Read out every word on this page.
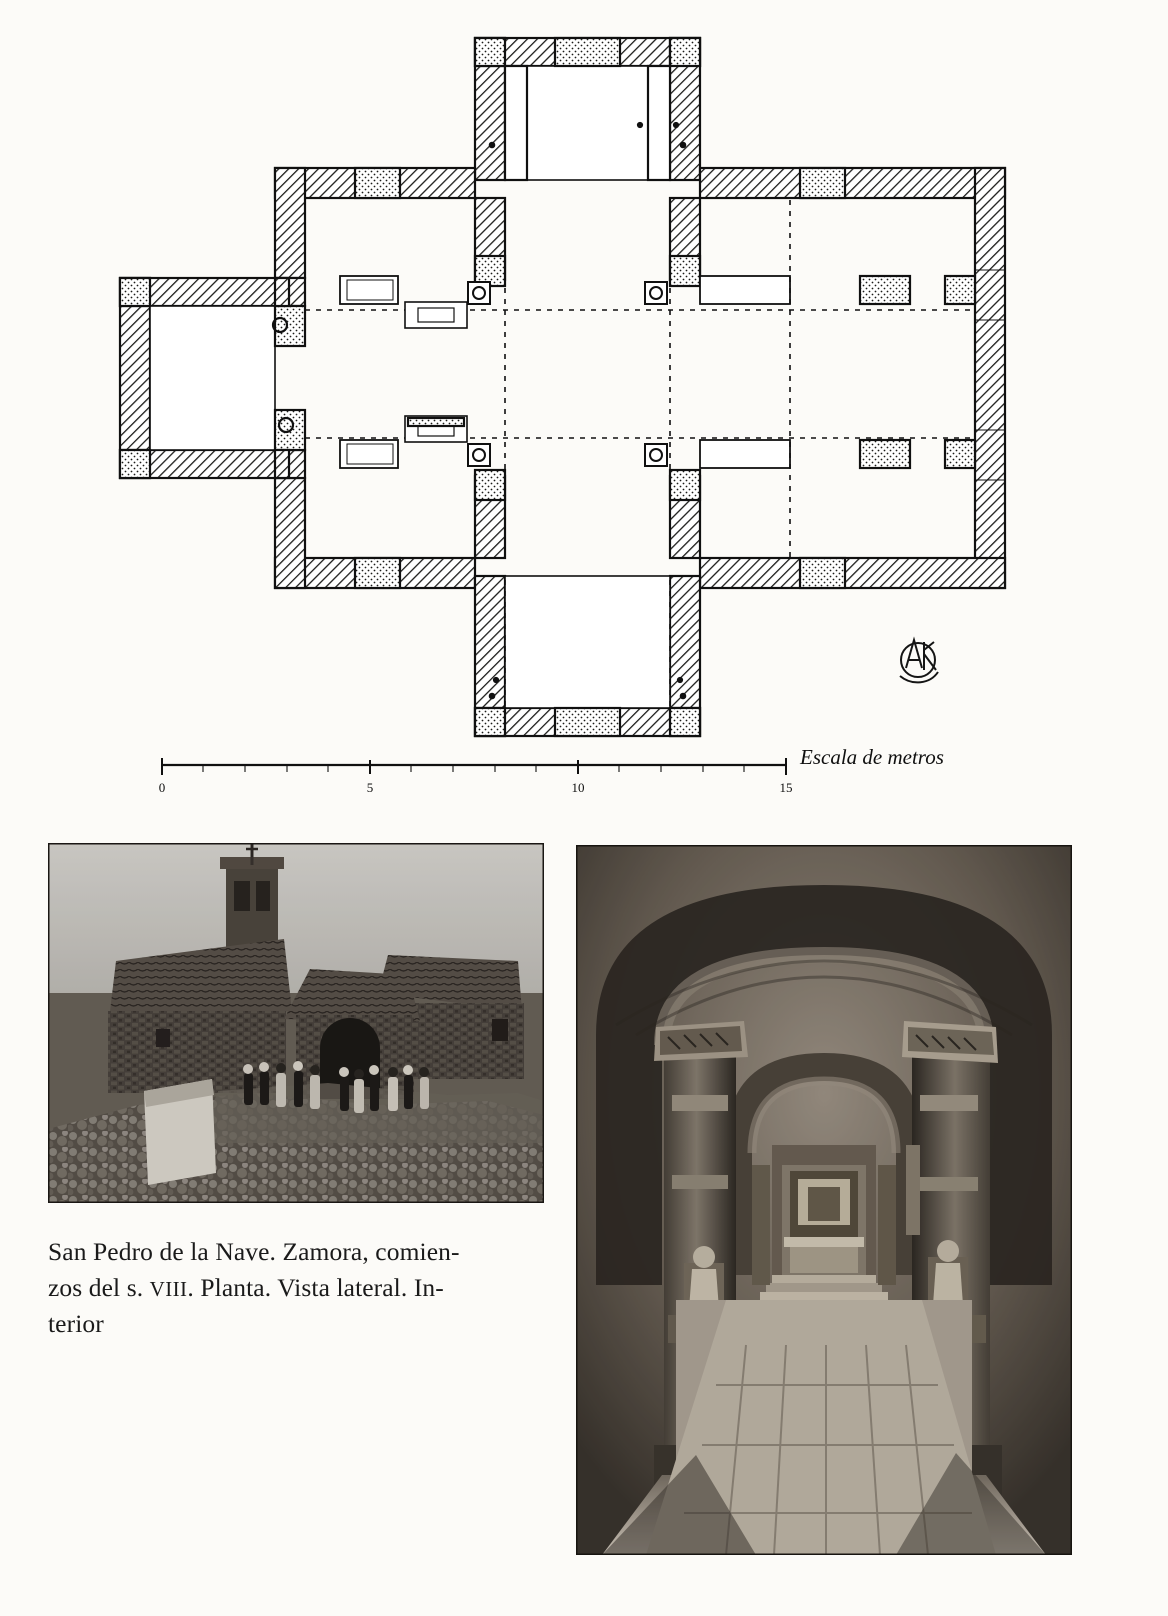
0	5	10	15
Escala de metros
San Pedro de la Nave. Zamora, comien-
zos del s. VIII. Planta. Vista lateral. In-
terior
